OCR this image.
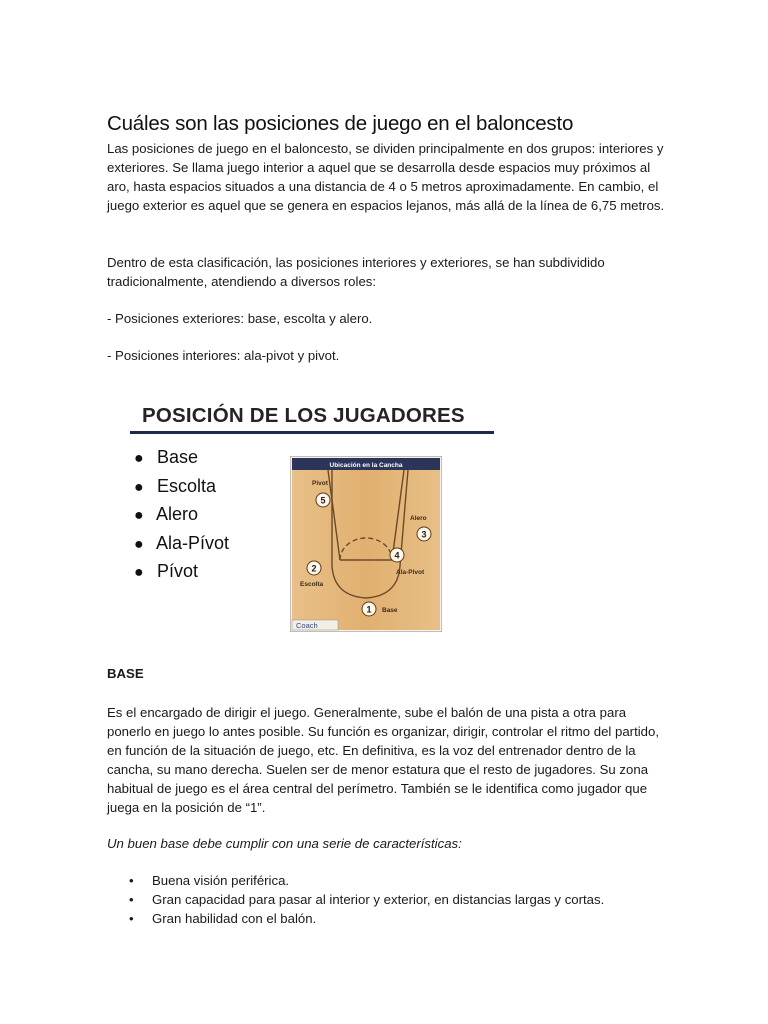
Cuáles son las posiciones de juego en el baloncesto

Las posiciones de juego en el baloncesto, se dividen principalmente en dos grupos: interiores y exteriores. Se llama juego interior a aquel que se desarrolla desde espacios muy próximos al aro, hasta espacios situados a una distancia de 4 o 5 metros aproximadamente. En cambio, el juego exterior es aquel que se genera en espacios lejanos, más allá de la línea de 6,75 metros.

Dentro de esta clasificación, las posiciones interiores y exteriores, se han subdividido tradicionalmente, atendiendo a diversos roles:

- Posiciones exteriores: base, escolta y alero.

- Posiciones interiores: ala-pivot y pivot.

BASE

Es el encargado de dirigir el juego. Generalmente, sube el balón de una pista a otra para ponerlo en juego lo antes posible. Su función es organizar, dirigir, controlar el ritmo del partido, en función de la situación de juego, etc. En definitiva, es la voz del entrenador dentro de la cancha, su mano derecha. Suelen ser de menor estatura que el resto de jugadores. Su zona habitual de juego es el área central del perímetro. También se le identifica como jugador que juega en la posición de “1”.

Un buen base debe cumplir con una serie de características:

• Buena visión periférica.
• Gran capacidad para pasar al interior y exterior, en distancias largas y cortas.
• Gran habilidad con el balón.
POSICIÓN DE LOS JUGADORES
● Base
● Escolta
● Alero
● Ala-Pívot
● Pívot
Ubicación en la Cancha
5
Pivot
3
Alero
4
Ala-Pivot
2
Escolta
1 Base
Coach
